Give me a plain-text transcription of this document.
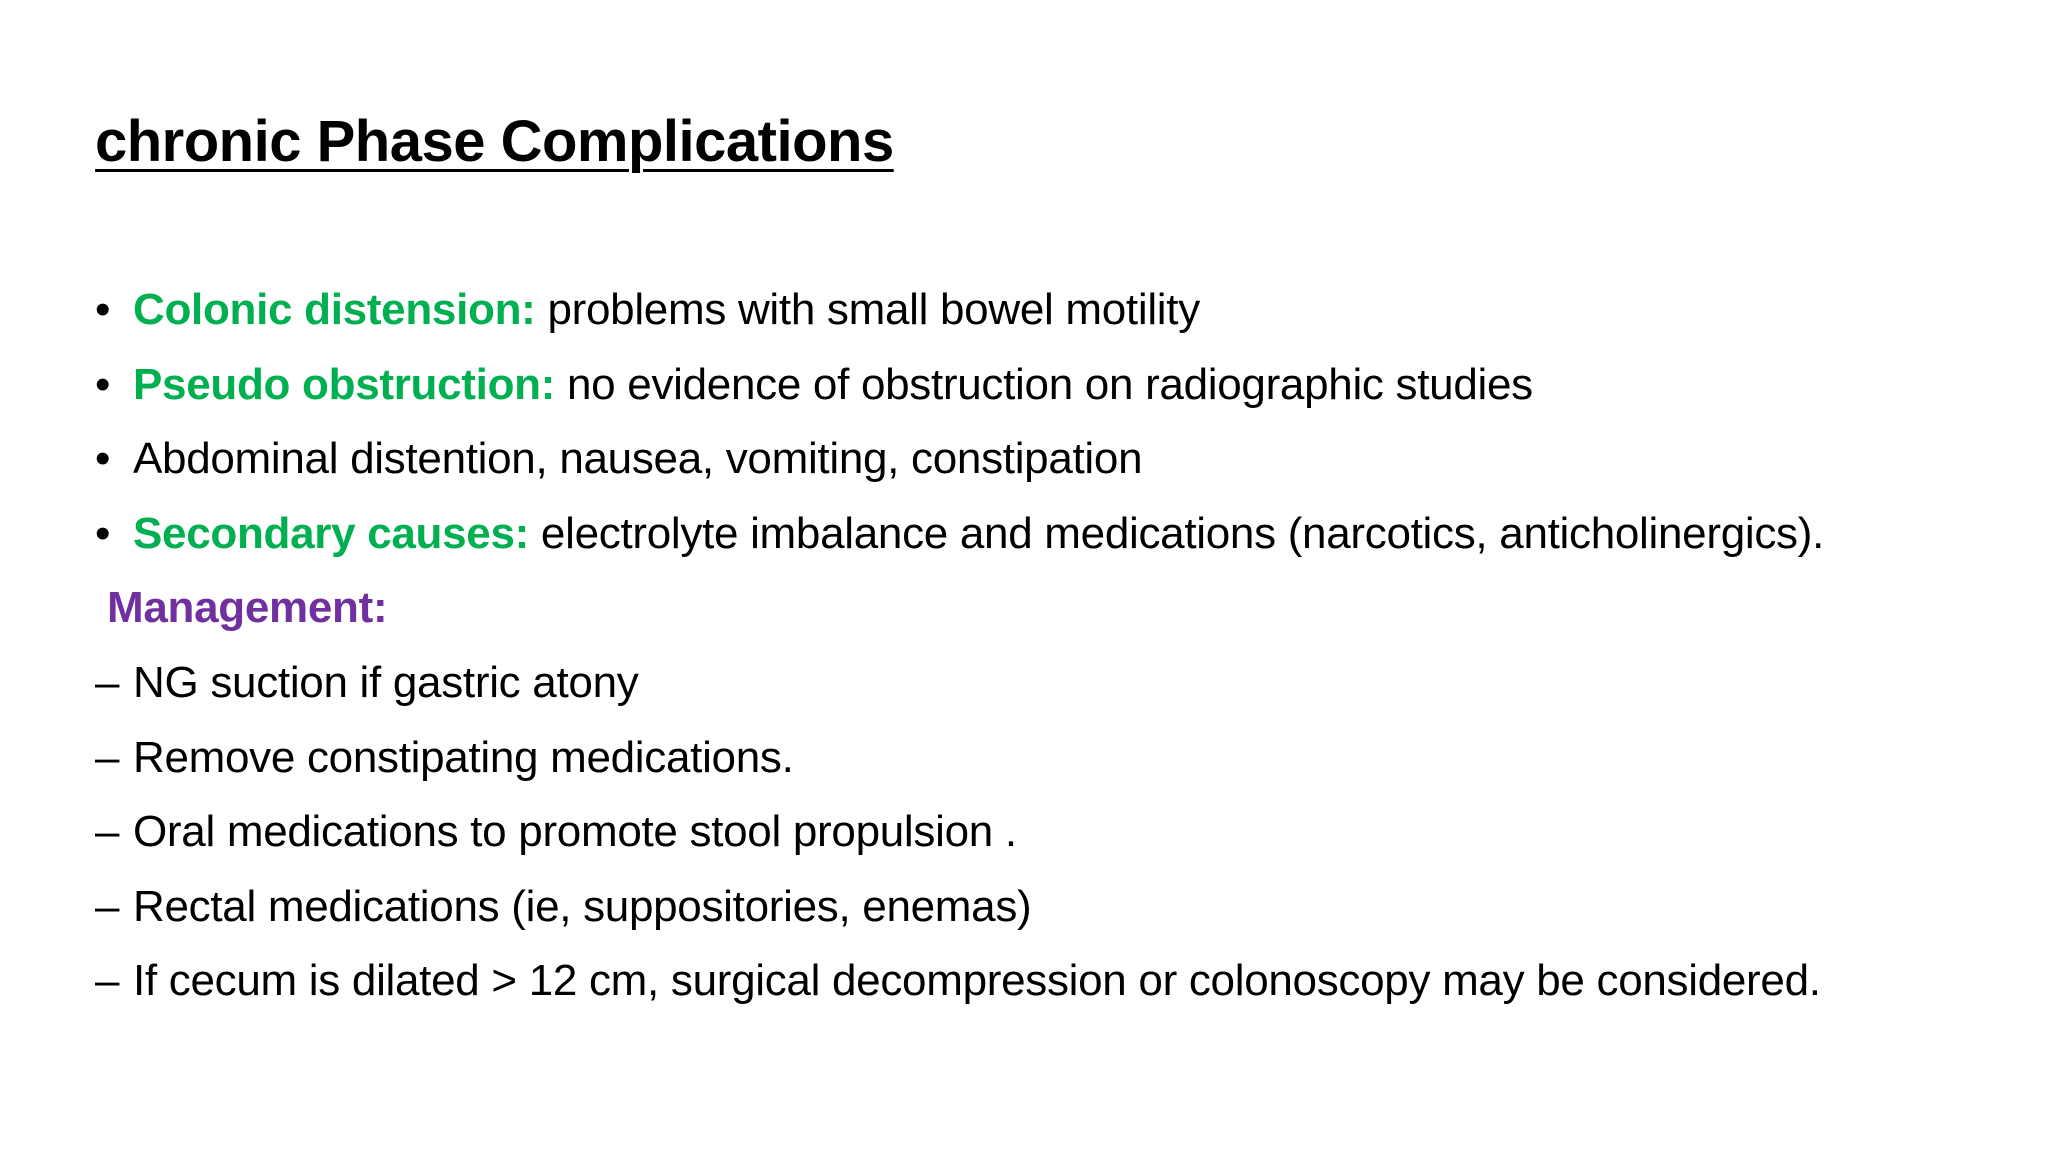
chronic Phase Complications
• Colonic distension: problems with small bowel motility
• Pseudo obstruction: no evidence of obstruction on radiographic studies
• Abdominal distention, nausea, vomiting, constipation
• Secondary causes: electrolyte imbalance and medications (narcotics, anticholinergics).
Management:
– NG suction if gastric atony
– Remove constipating medications.
– Oral medications to promote stool propulsion .
– Rectal medications (ie, suppositories, enemas)
– If cecum is dilated > 12 cm, surgical decompression or colonoscopy may be considered.
